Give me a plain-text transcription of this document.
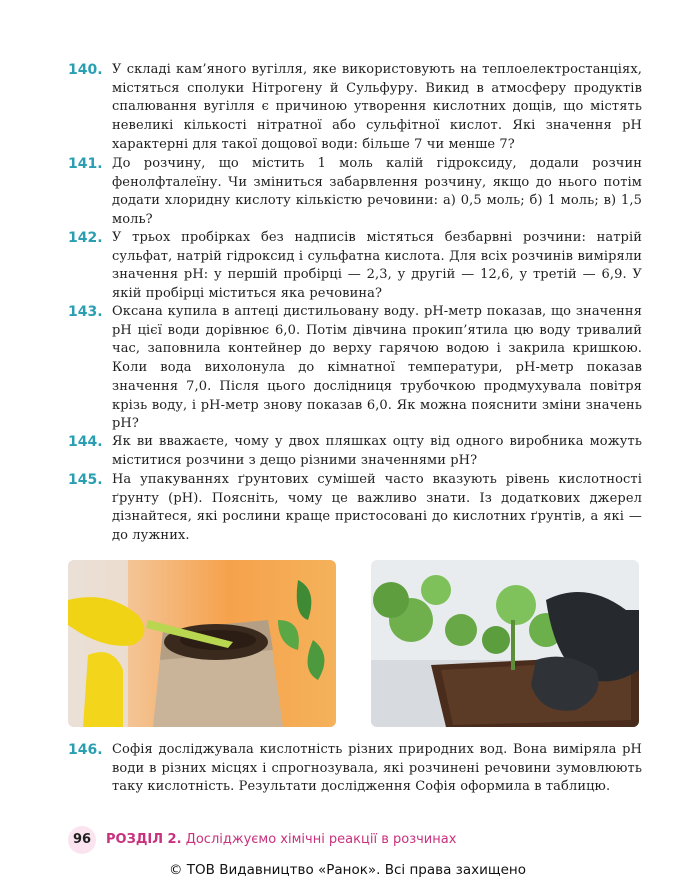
140. У складі кам’яного вугілля, яке використовують на теплоелектростанціях, містяться сполуки Нітрогену й Сульфуру. Викид в атмосферу продуктів спалювання вугілля є причиною утворення кислотних дощів, що містять невеликі кількості нітратної або сульфітної кислот. Які значення pH характерні для такої дощової води: більше 7 чи менше 7?
141. До розчину, що містить 1 моль калій гідроксиду, додали розчин фенолфталеїну. Чи зміниться забарвлення розчину, якщо до нього потім додати хлоридну кислоту кількістю речовини: а) 0,5 моль; б) 1 моль; в) 1,5 моль?
142. У трьох пробірках без надписів містяться безбарвні розчини: натрій сульфат, натрій гідроксид і сульфатна кислота. Для всіх розчинів виміряли значення pH: у першій пробірці — 2,3, у другій — 12,6, у третій — 6,9. У якій пробірці міститься яка речовина?
143. Оксана купила в аптеці дистильовану воду. pH-метр показав, що значення pH цієї води дорівнює 6,0. Потім дівчина прокип’ятила цю воду тривалий час, заповнила контейнер до верху гарячою водою і закрила кришкою. Коли вода вихолонула до кімнатної температури, pH-метр показав значення 7,0. Після цього дослідниця трубочкою продмухувала повітря крізь воду, і pH-метр знову показав 6,0. Як можна пояснити зміни значень pH?
144. Як ви вважаєте, чому у двох пляшках оцту від одного виробника можуть міститися розчини з дещо різними значеннями pH?
145. На упакуваннях ґрунтових сумішей часто вказують рівень кислотності ґрунту (pH). Поясніть, чому це важливо знати. Із додаткових джерел дізнайтеся, які рослини краще пристосовані до кислотних ґрунтів, а які — до лужних.
146. Софія досліджувала кислотність різних природних вод. Вона виміряла pH води в різних місцях і спрогнозувала, які розчинені речовини зумовлюють таку кислотність. Результати дослідження Софія оформила в таблицю.
96	РОЗДІЛ 2. Досліджуємо хімічні реакції в розчинах
© ТОВ Видавництво «Ранок». Всі права захищено
